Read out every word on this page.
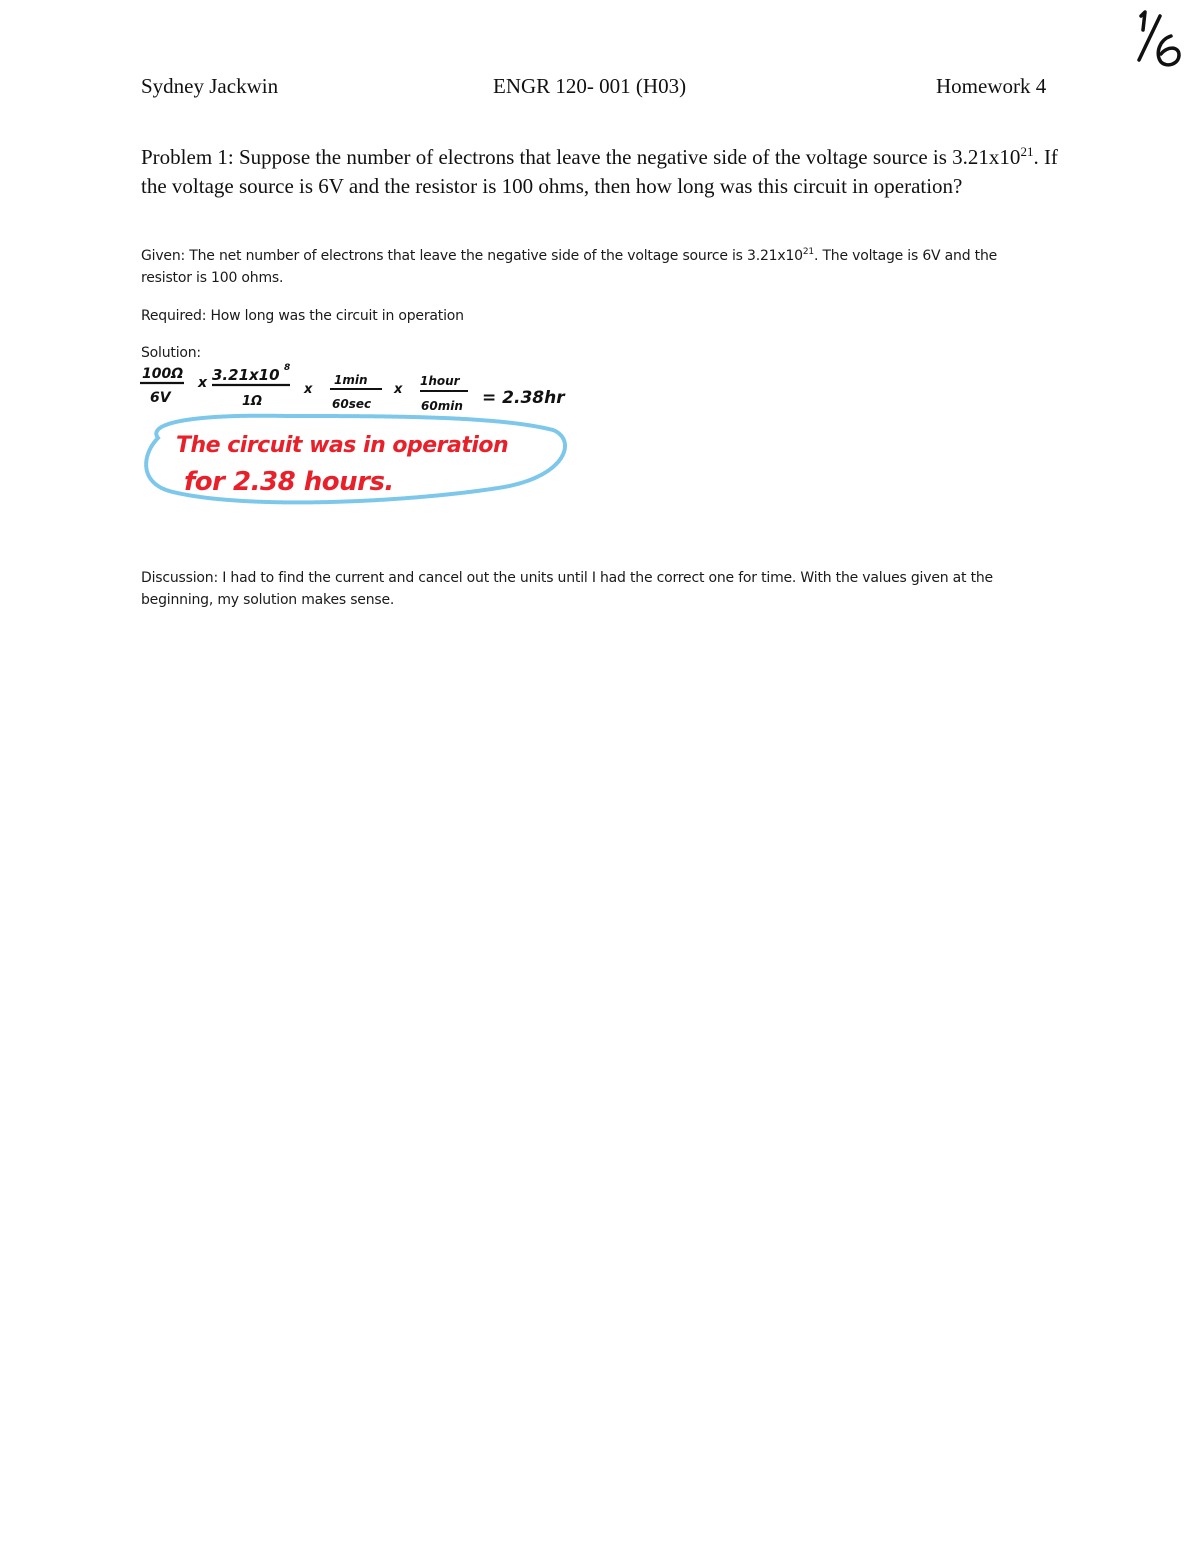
Sydney Jackwin	ENGR 120- 001 (H03)	Homework 4
Problem 1: Suppose the number of electrons that leave the negative side of the voltage source is $3.21x10^{21}$. If the voltage source is 6V and the resistor is 100 ohms, then how long was this circuit in operation?
Given: The net number of electrons that leave the negative side of the voltage source is $3.21x10^{21}$. The voltage is 6V and the resistor is 100 ohms.
Required: How long was the circuit in operation
Solution:
100Ω
6V
x 3.21x10 8
1Ω
x
1min
60sec
x
1hour
60min = 2.38hr
The circuit was in operation
for 2.38 hours.
Discussion: I had to find the current and cancel out the units until I had the correct one for time. With the values given at the beginning, my solution makes sense.
